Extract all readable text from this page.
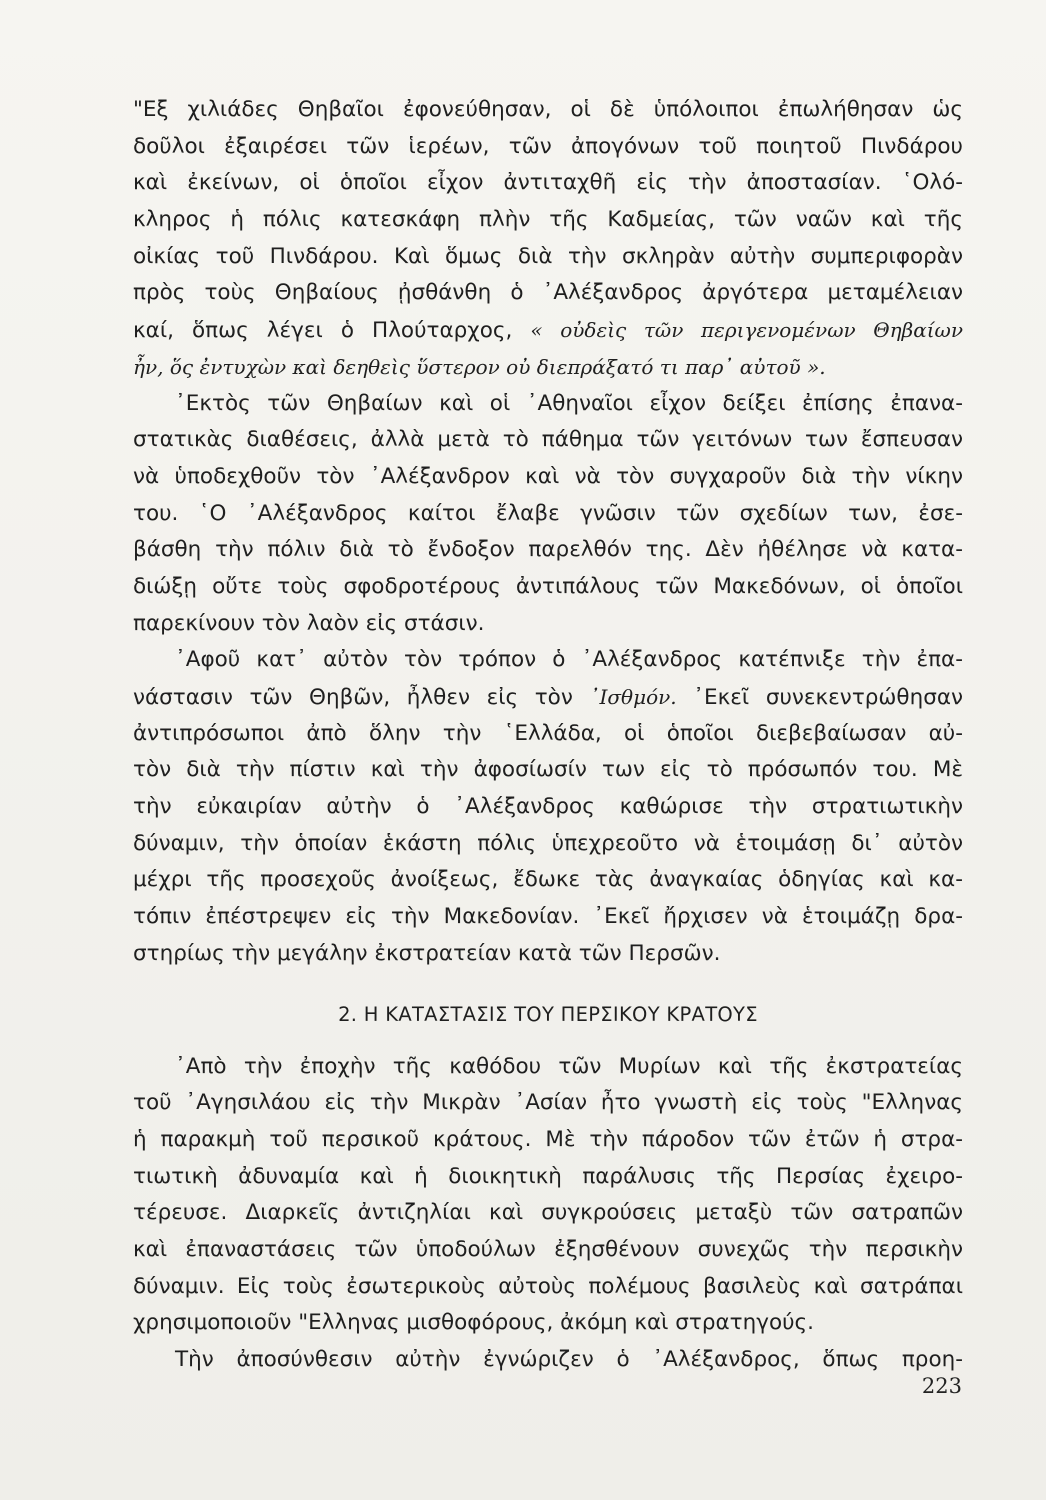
"Εξ χιλιάδες Θηβαῖοι ἐφονεύθησαν, οἱ δὲ ὑπόλοιποι ἐπωλήθησαν ὡς
δοῦλοι ἐξαιρέσει τῶν ἱερέων, τῶν ἀπογόνων τοῦ ποιητοῦ Πινδάρου
καὶ ἐκείνων, οἱ ὁποῖοι εἶχον ἀντιταχθῆ εἰς τὴν ἀποστασίαν. ῾Ολό-
κληρος ἡ πόλις κατεσκάφη πλὴν τῆς Καδμείας, τῶν ναῶν καὶ τῆς
οἰκίας τοῦ Πινδάρου. Καὶ ὅμως διὰ τὴν σκληρὰν αὐτὴν συμπεριφορὰν
πρὸς τοὺς Θηβαίους ᾐσθάνθη ὁ ᾿Αλέξανδρος ἀργότερα μεταμέλειαν
καί, ὅπως λέγει ὁ Πλούταρχος, « οὐδεὶς τῶν περιγενομένων Θηβαίων
ἦν, ὅς ἐντυχὼν καὶ δεηθεὶς ὕστερον οὐ διεπράξατό τι παρ᾿ αὐτοῦ ».
᾿Εκτὸς τῶν Θηβαίων καὶ οἱ ᾿Αθηναῖοι εἶχον δείξει ἐπίσης ἐπανα-
στατικὰς διαθέσεις, ἀλλὰ μετὰ τὸ πάθημα τῶν γειτόνων των ἔσπευσαν
νὰ ὑποδεχθοῦν τὸν ᾿Αλέξανδρον καὶ νὰ τὸν συγχαροῦν διὰ τὴν νίκην
του. ῾Ο ᾿Αλέξανδρος καίτοι ἔλαβε γνῶσιν τῶν σχεδίων των, ἐσε-
βάσθη τὴν πόλιν διὰ τὸ ἔνδοξον παρελθόν της. Δὲν ἠθέλησε νὰ κατα-
διώξῃ οὔτε τοὺς σφοδροτέρους ἀντιπάλους τῶν Μακεδόνων, οἱ ὁποῖοι
παρεκίνουν τὸν λαὸν εἰς στάσιν.
᾿Αφοῦ κατ᾿ αὐτὸν τὸν τρόπον ὁ ᾿Αλέξανδρος κατέπνιξε τὴν ἐπα-
νάστασιν τῶν Θηβῶν, ἦλθεν εἰς τὸν ᾿Ισθμόν. ᾿Εκεῖ συνεκεντρώθησαν
ἀντιπρόσωποι ἀπὸ ὅλην τὴν ῾Ελλάδα, οἱ ὁποῖοι διεβεβαίωσαν αὐ-
τὸν διὰ τὴν πίστιν καὶ τὴν ἀφοσίωσίν των εἰς τὸ πρόσωπόν του. Μὲ
τὴν εὐκαιρίαν αὐτὴν ὁ ᾿Αλέξανδρος καθώρισε τὴν στρατιωτικὴν
δύναμιν, τὴν ὁποίαν ἑκάστη πόλις ὑπεχρεοῦτο νὰ ἑτοιμάσῃ δι᾿ αὐτὸν
μέχρι τῆς προσεχοῦς ἀνοίξεως, ἔδωκε τὰς ἀναγκαίας ὁδηγίας καὶ κα-
τόπιν ἐπέστρεψεν εἰς τὴν Μακεδονίαν. ᾿Εκεῖ ἤρχισεν νὰ ἑτοιμάζῃ δρα-
στηρίως τὴν μεγάλην ἐκστρατείαν κατὰ τῶν Περσῶν.
2. Η ΚΑΤΑΣΤΑΣΙΣ ΤΟΥ ΠΕΡΣΙΚΟΥ ΚΡΑΤΟΥΣ
᾿Απὸ τὴν ἐποχὴν τῆς καθόδου τῶν Μυρίων καὶ τῆς ἐκστρατείας
τοῦ ᾿Αγησιλάου εἰς τὴν Μικρὰν ᾿Ασίαν ἦτο γνωστὴ εἰς τοὺς "Ελληνας
ἡ παρακμὴ τοῦ περσικοῦ κράτους. Μὲ τὴν πάροδον τῶν ἐτῶν ἡ στρα-
τιωτικὴ ἀδυναμία καὶ ἡ διοικητικὴ παράλυσις τῆς Περσίας ἐχειρο-
τέρευσε. Διαρκεῖς ἀντιζηλίαι καὶ συγκρούσεις μεταξὺ τῶν σατραπῶν
καὶ ἐπαναστάσεις τῶν ὑποδούλων ἐξησθένουν συνεχῶς τὴν περσικὴν
δύναμιν. Εἰς τοὺς ἐσωτερικοὺς αὐτοὺς πολέμους βασιλεὺς καὶ σατράπαι
χρησιμοποιοῦν "Ελληνας μισθοφόρους, ἀκόμη καὶ στρατηγούς.
Τὴν ἀποσύνθεσιν αὐτὴν ἐγνώριζεν ὁ ᾿Αλέξανδρος, ὅπως προη-
223
